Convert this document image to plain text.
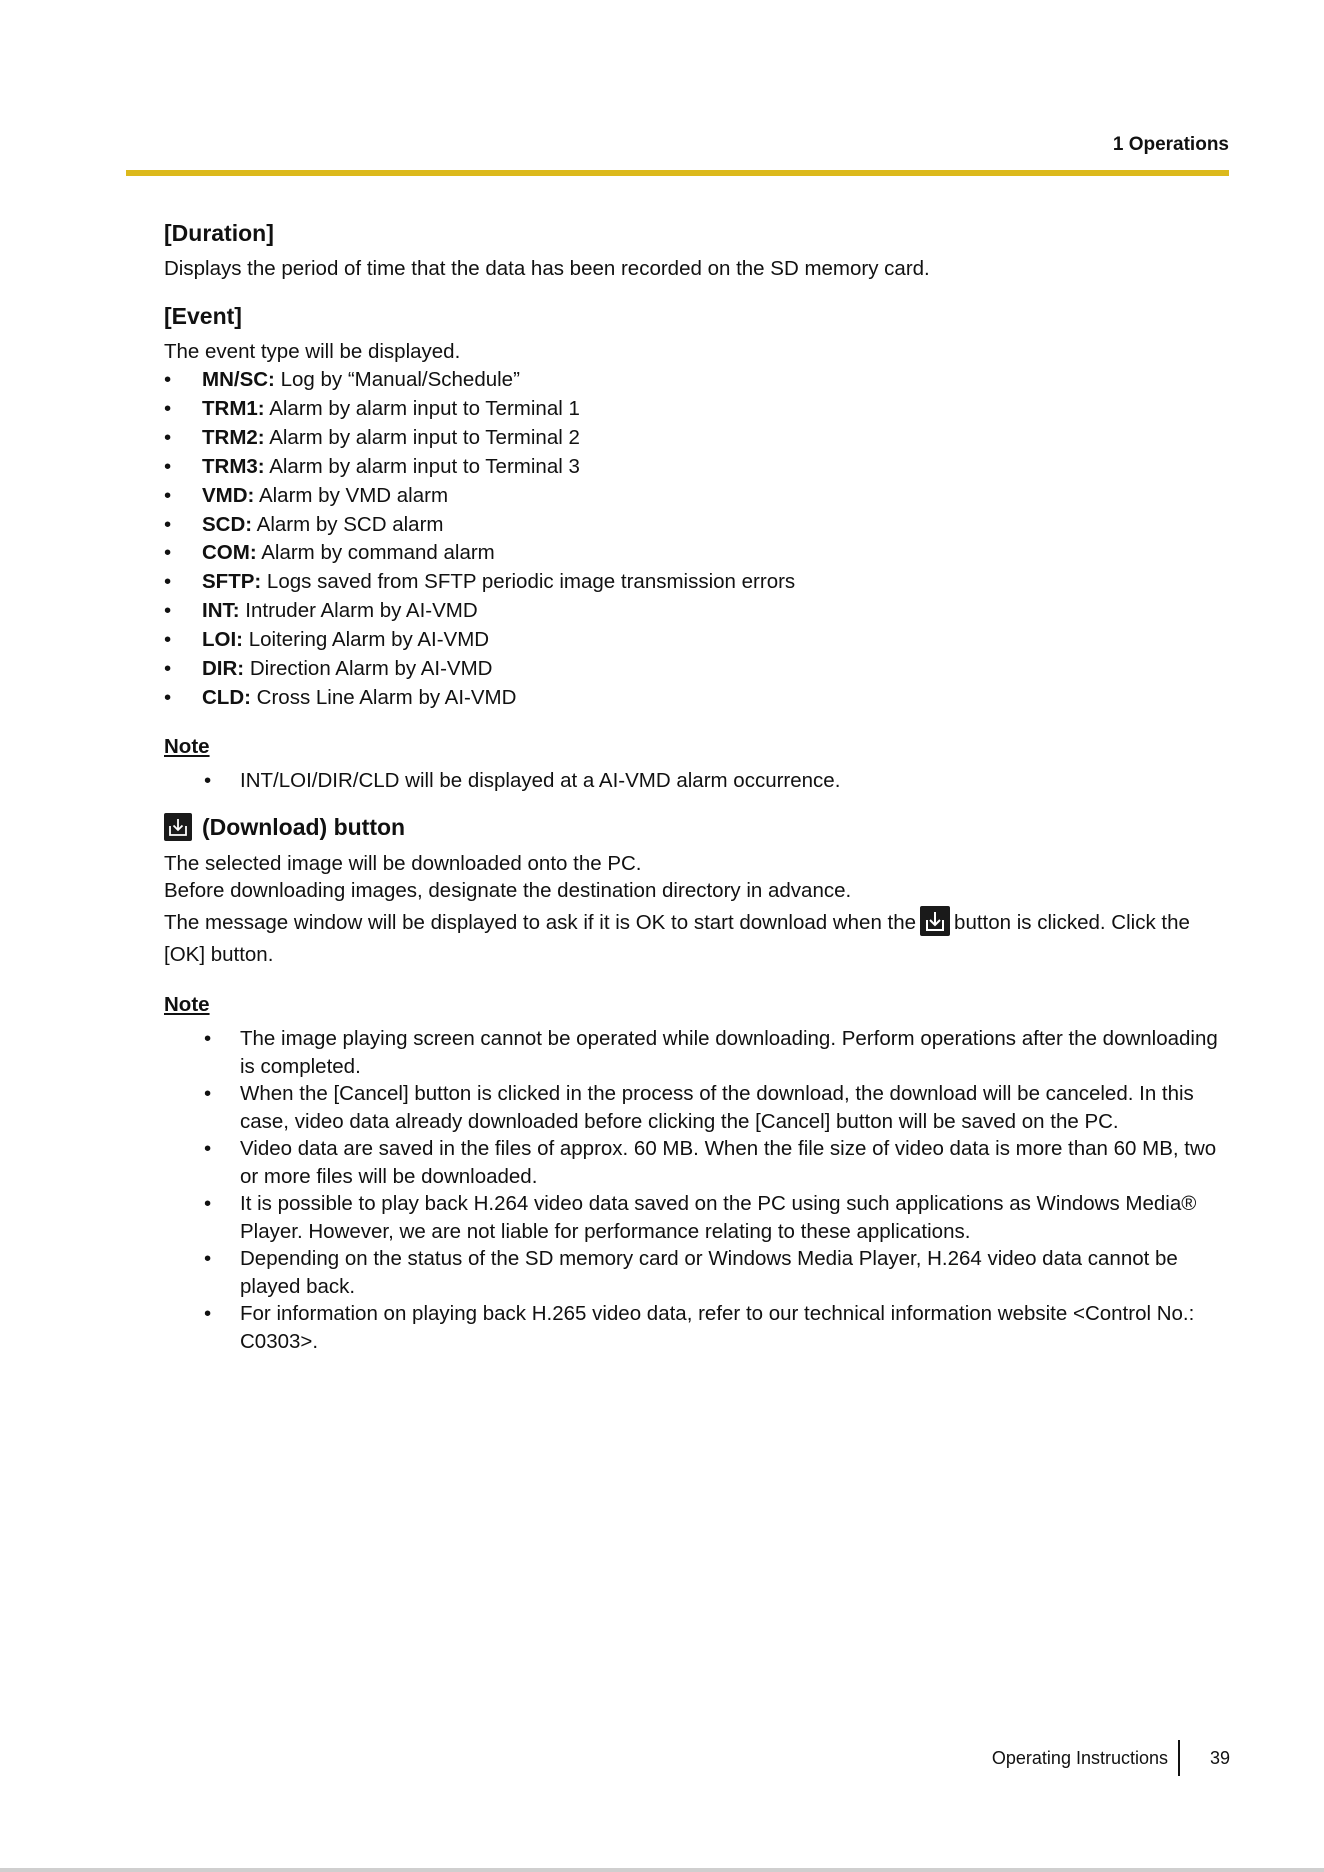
1 Operations
[Duration]

Displays the period of time that the data has been recorded on the SD memory card.

[Event]

The event type will be displayed.

• MN/SC: Log by “Manual/Schedule”
• TRM1: Alarm by alarm input to Terminal 1
• TRM2: Alarm by alarm input to Terminal 2
• TRM3: Alarm by alarm input to Terminal 3
• VMD: Alarm by VMD alarm
• SCD: Alarm by SCD alarm
• COM: Alarm by command alarm
• SFTP: Logs saved from SFTP periodic image transmission errors
• INT: Intruder Alarm by AI-VMD
• LOI: Loitering Alarm by AI-VMD
• DIR: Direction Alarm by AI-VMD
• CLD: Cross Line Alarm by AI-VMD
Note
• INT/LOI/DIR/CLD will be displayed at a AI-VMD alarm occurrence.
(Download) button

The selected image will be downloaded onto the PC.

Before downloading images, designate the destination directory in advance.

The message window will be displayed to ask if it is OK to start download when the button is clicked. Click the [OK] button.

Note
• The image playing screen cannot be operated while downloading. Perform operations after the downloading is completed.
• When the [Cancel] button is clicked in the process of the download, the download will be canceled. In this case, video data already downloaded before clicking the [Cancel] button will be saved on the PC.
• Video data are saved in the files of approx. 60 MB. When the file size of video data is more than 60 MB, two or more files will be downloaded.
• It is possible to play back H.264 video data saved on the PC using such applications as Windows Media® Player. However, we are not liable for performance relating to these applications.
• Depending on the status of the SD memory card or Windows Media Player, H.264 video data cannot be played back.
• For information on playing back H.265 video data, refer to our technical information website <Control No.: C0303>.
Operating Instructions 39
